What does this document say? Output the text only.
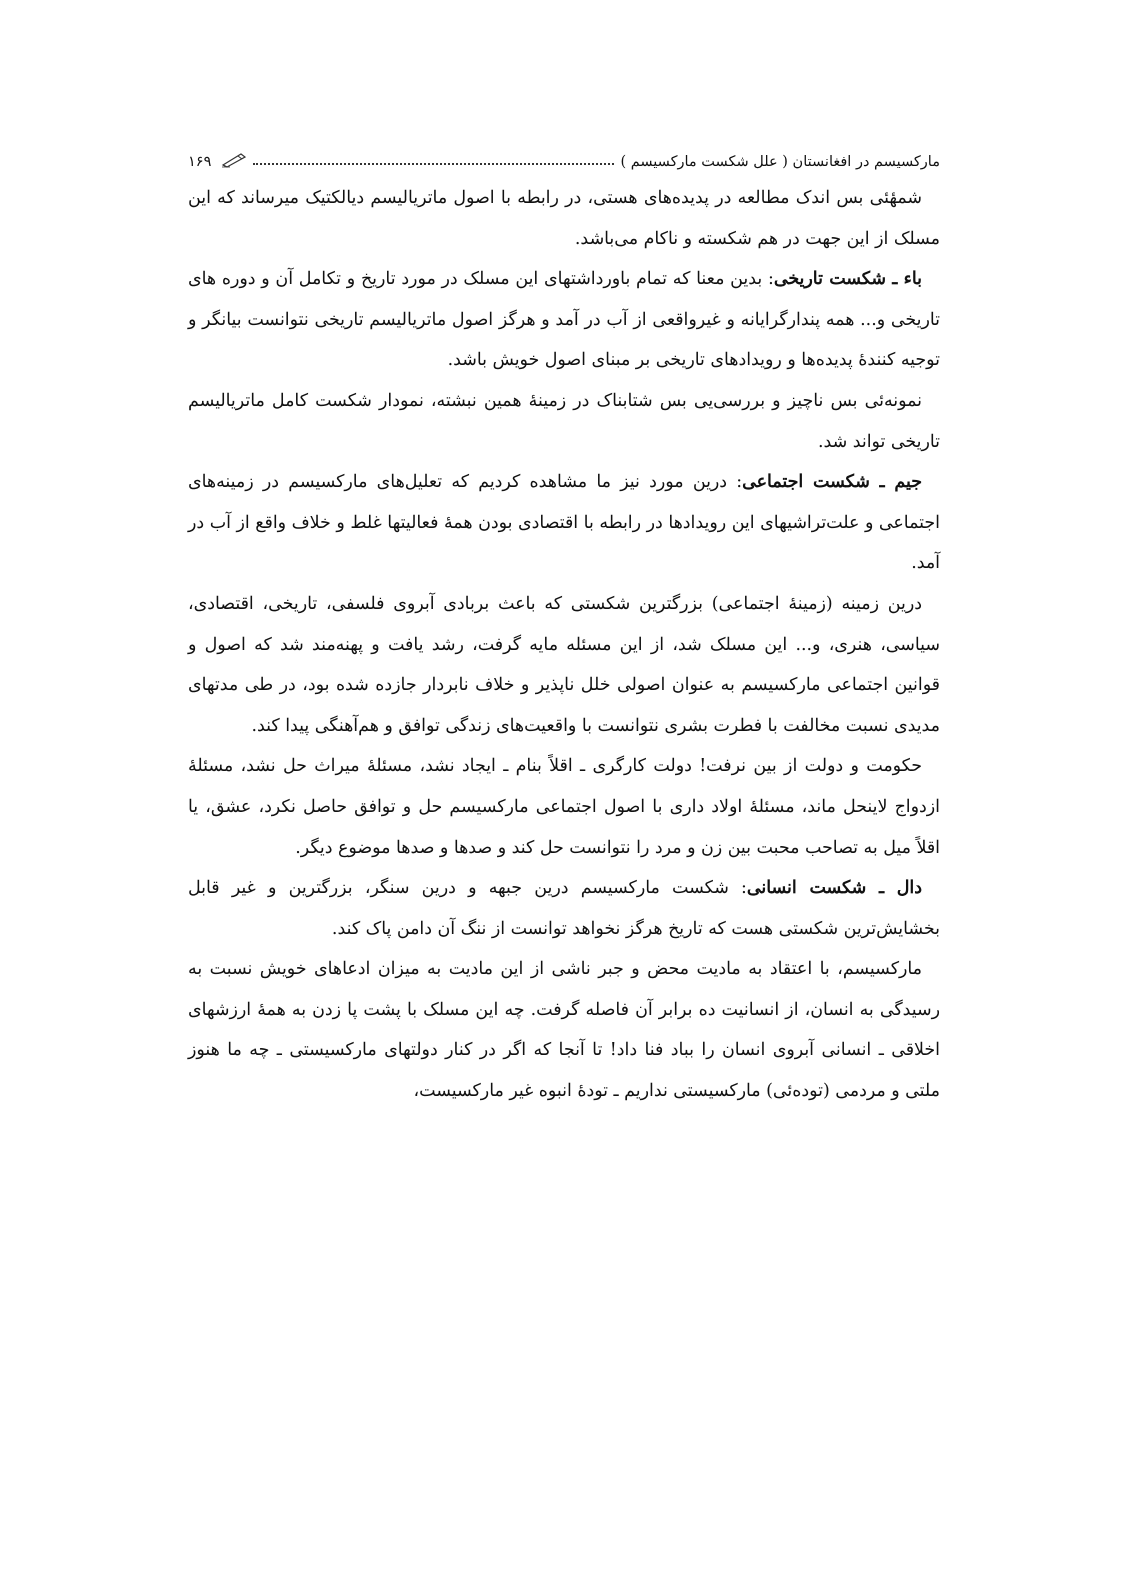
مارکسیسم در افغانستان ( علل شکست مارکسیسم )
۱۶۹

شمهٔئی بس اندک مطالعه در پدیده‌های هستی، در رابطه با اصول ماتریالیسم دیالکتیک میرساند که این مسلک از این جهت در هم شکسته و ناکام می‌باشد.

باء ـ شکست تاریخی: بدین معنا که تمام باورداشتهای این مسلک در مورد تاریخ و تکامل آن و دوره های تاریخی و... همه پندارگرایانه و غیرواقعی از آب در آمد و هرگز اصول ماتریالیسم تاریخی نتوانست بیانگر و توجیه کنندهٔ پدیده‌ها و رویدادهای تاریخی بر مبنای اصول خویش باشد.

نمونه‌ئی بس ناچیز و بررسی‌یی بس شتابناک در زمینهٔ همین نبشته، نمودار شکست کامل ماتریالیسم تاریخی تواند شد.

جیم ـ شکست اجتماعی: درین مورد نیز ما مشاهده کردیم که تعلیل‌های مارکسیسم در زمینه‌های اجتماعی و علت‌تراشیهای این رویدادها در رابطه با اقتصادی بودن همهٔ فعالیتها غلط و خلاف واقع از آب در آمد.

درین زمینه (زمینهٔ اجتماعی) بزرگترین شکستی که باعث بربادی آبروی فلسفی، تاریخی، اقتصادی، سیاسی، هنری، و... این مسلک شد، از این مسئله مایه گرفت، رشد یافت و پهنه‌مند شد که اصول و قوانین اجتماعی مارکسیسم به عنوان اصولی خلل ناپذیر و خلاف نابردار جازده شده بود، در طی مدتهای مدیدی نسبت مخالفت با فطرت بشری نتوانست با واقعیت‌های زندگی توافق و هم‌آهنگی پیدا کند.

حکومت و دولت از بین نرفت! دولت کارگری ـ اقلاً بنام ـ ایجاد نشد، مسئلهٔ میراث حل نشد، مسئلهٔ ازدواج لاینحل ماند، مسئلهٔ اولاد داری با اصول اجتماعی مارکسیسم حل و توافق حاصل نکرد، عشق، یا اقلاً میل به تصاحب محبت بین زن و مرد را نتوانست حل کند و صدها و صدها موضوع دیگر.

دال ـ شکست انسانی: شکست مارکسیسم درین جبهه و درین سنگر، بزرگترین و غیر قابل بخشایش‌ترین شکستی هست که تاریخ هرگز نخواهد توانست از ننگ آن دامن پاک کند.

مارکسیسم، با اعتقاد به مادیت محض و جبر ناشی از این مادیت به میزان ادعاهای خویش نسبت به رسیدگی به انسان، از انسانیت ده برابر آن فاصله گرفت. چه این مسلک با پشت پا زدن به همهٔ ارزشهای اخلاقی ـ انسانی آبروی انسان را بباد فنا داد! تا آنجا که اگر در کنار دولتهای مارکسیستی ـ چه ما هنوز ملتی و مردمی (توده‌ئی) مارکسیستی نداریم ـ تودهٔ انبوه غیر مارکسیست،
